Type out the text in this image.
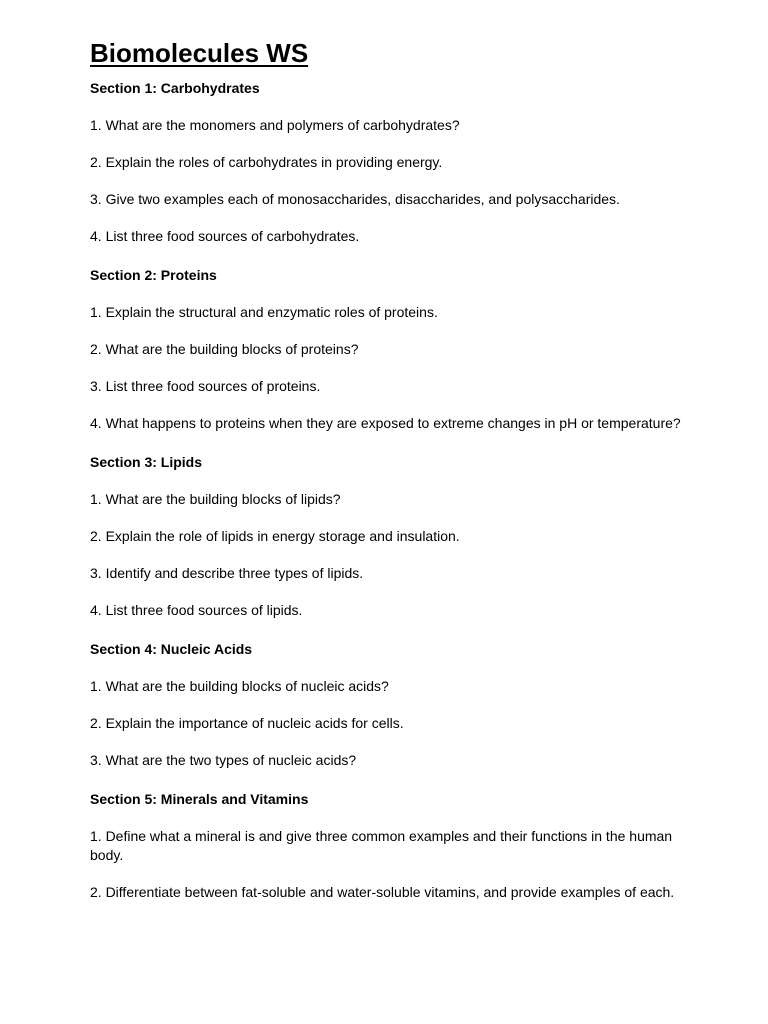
Biomolecules WS
Section 1: Carbohydrates
1. What are the monomers and polymers of carbohydrates?
2. Explain the roles of carbohydrates in providing energy.
3. Give two examples each of monosaccharides, disaccharides, and polysaccharides.
4. List three food sources of carbohydrates.
Section 2: Proteins
1. Explain the structural and enzymatic roles of proteins.
2. What are the building blocks of proteins?
3. List three food sources of proteins.
4. What happens to proteins when they are exposed to extreme changes in pH or temperature?
Section 3: Lipids
1. What are the building blocks of lipids?
2. Explain the role of lipids in energy storage and insulation.
3. Identify and describe three types of lipids.
4. List three food sources of lipids.
Section 4: Nucleic Acids
1. What are the building blocks of nucleic acids?
2. Explain the importance of nucleic acids for cells.
3. What are the two types of nucleic acids?
Section 5: Minerals and Vitamins
1. Define what a mineral is and give three common examples and their functions in the human body.
2. Differentiate between fat-soluble and water-soluble vitamins, and provide examples of each.
